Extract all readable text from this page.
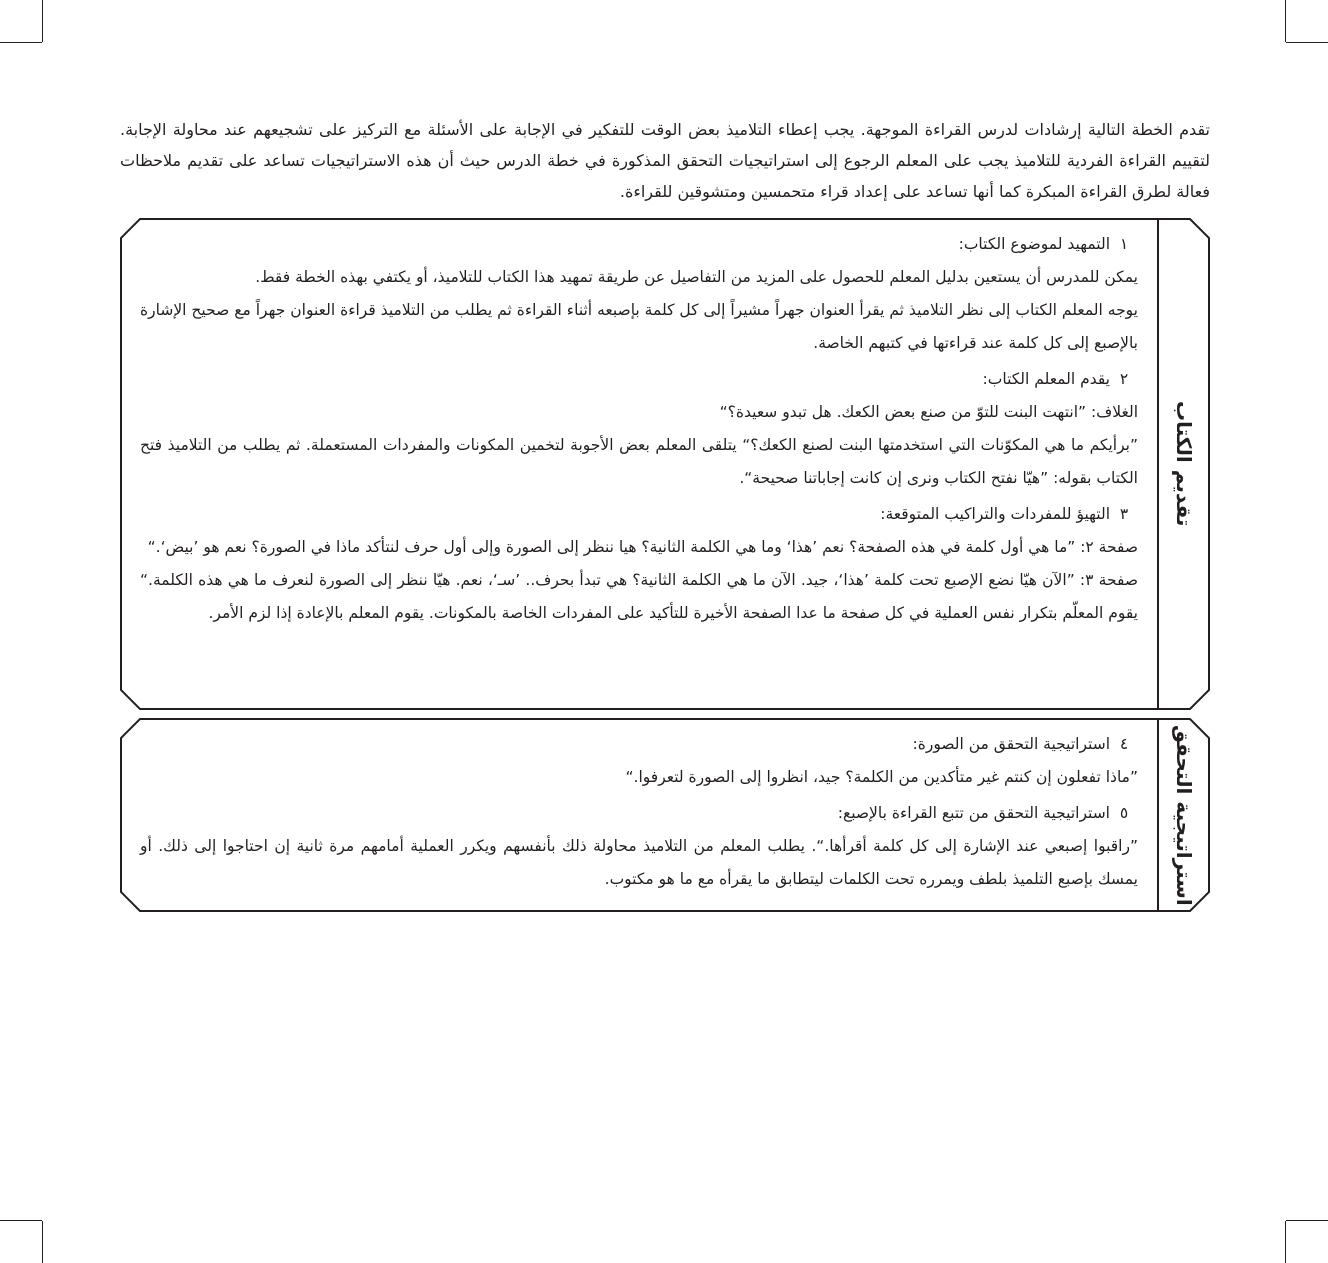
تقدم الخطة التالية إرشادات لدرس القراءة الموجهة. يجب إعطاء التلاميذ بعض الوقت للتفكير في الإجابة على الأسئلة مع التركيز على تشجيعهم عند محاولة الإجابة. لتقييم القراءة الفردية للتلاميذ يجب على المعلم الرجوع إلى استراتيجيات التحقق المذكورة في خطة الدرس حيث أن هذه الاستراتيجيات تساعد على تقديم ملاحظات فعالة لطرق القراءة المبكرة كما أنها تساعد على إعداد قراء متحمسين ومتشوقين للقراءة.
تقديم الكتاب
١
التمهيد لموضوع الكتاب:

يمكن للمدرس أن يستعين بدليل المعلم للحصول على المزيد من التفاصيل عن طريقة تمهيد هذا الكتاب للتلاميذ، أو يكتفي بهذه الخطة فقط.

يوجه المعلم الكتاب إلى نظر التلاميذ ثم يقرأ العنوان جهراً مشيراً إلى كل كلمة بإصبعه أثناء القراءة ثم يطلب من التلاميذ قراءة العنوان جهراً مع صحيح الإشارة بالإصبع إلى كل كلمة عند قراءتها في كتبهم الخاصة.

٢
يقدم المعلم الكتاب:

الغلاف: ”انتهت البنت للتوّ من صنع بعض الكعك. هل تبدو سعيدة؟“

”برأيكم ما هي المكوّنات التي استخدمتها البنت لصنع الكعك؟“ يتلقى المعلم بعض الأجوبة لتخمين المكونات والمفردات المستعملة. ثم يطلب من التلاميذ فتح الكتاب بقوله: ”هيّا نفتح الكتاب ونرى إن كانت إجاباتنا صحيحة“.

٣
التهيؤ للمفردات والتراكيب المتوقعة:

صفحة ٢: ”ما هي أول كلمة في هذه الصفحة؟ نعم ’هذا‘ وما هي الكلمة الثانية؟ هيا ننظر إلى الصورة وإلى أول حرف لنتأكد ماذا في الصورة؟ نعم هو ’بيض‘.“

صفحة ٣: ”الآن هيّا نضع الإصبع تحت كلمة ’هذا‘، جيد. الآن ما هي الكلمة الثانية؟ هي تبدأ بحرف.. ’سـ‘، نعم. هيّا ننظر إلى الصورة لنعرف ما هي هذه الكلمة.“ يقوم المعلّم بتكرار نفس العملية في كل صفحة ما عدا الصفحة الأخيرة للتأكيد على المفردات الخاصة بالمكونات. يقوم المعلم بالإعادة إذا لزم الأمر.

استراتيجية التحقق
٤
استراتيجية التحقق من الصورة:

”ماذا تفعلون إن كنتم غير متأكدين من الكلمة؟ جيد، انظروا إلى الصورة لتعرفوا.“

٥
استراتيجية التحقق من تتبع القراءة بالإصبع:

”راقبوا إصبعي عند الإشارة إلى كل كلمة أقرأها.“. يطلب المعلم من التلاميذ محاولة ذلك بأنفسهم ويكرر العملية أمامهم مرة ثانية إن احتاجوا إلى ذلك. أو يمسك بإصبع التلميذ بلطف ويمرره تحت الكلمات ليتطابق ما يقرأه مع ما هو مكتوب.
